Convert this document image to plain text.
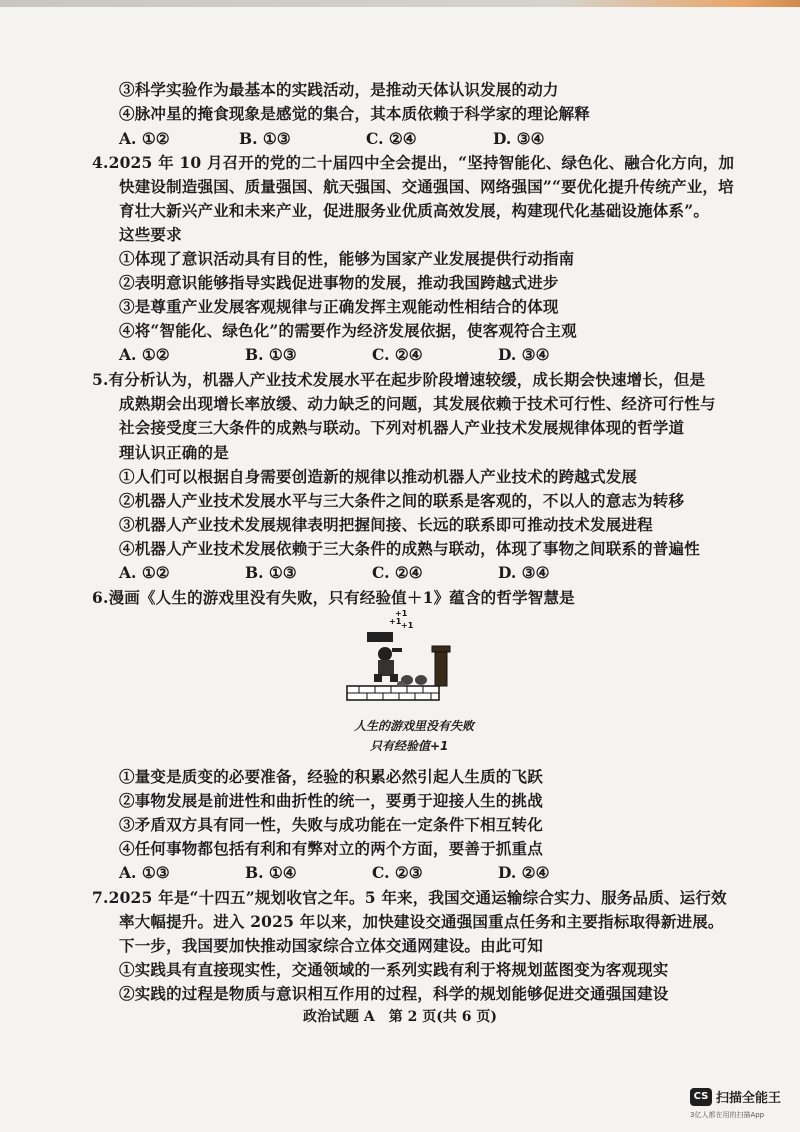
③科学实验作为最基本的实践活动，是推动天体认识发展的动力
④脉冲星的掩食现象是感觉的集合，其本质依赖于科学家的理论解释
A. ①②	B. ①③	C. ②④	D. ③④
4.2025 年 10 月召开的党的二十届四中全会提出，“坚持智能化、绿色化、融合化方向，加
快建设制造强国、质量强国、航天强国、交通强国、网络强国”“要优化提升传统产业，培
育壮大新兴产业和未来产业，促进服务业优质高效发展，构建现代化基础设施体系”。
这些要求
①体现了意识活动具有目的性，能够为国家产业发展提供行动指南
②表明意识能够指导实践促进事物的发展，推动我国跨越式进步
③是尊重产业发展客观规律与正确发挥主观能动性相结合的体现
④将“智能化、绿色化”的需要作为经济发展依据，使客观符合主观
A. ①②	B. ①③	C. ②④	D. ③④
5.有分析认为，机器人产业技术发展水平在起步阶段增速较缓，成长期会快速增长，但是
成熟期会出现增长率放缓、动力缺乏的问题，其发展依赖于技术可行性、经济可行性与
社会接受度三大条件的成熟与联动。下列对机器人产业技术发展规律体现的哲学道
理认识正确的是
①人们可以根据自身需要创造新的规律以推动机器人产业技术的跨越式发展
②机器人产业技术发展水平与三大条件之间的联系是客观的，不以人的意志为转移
③机器人产业技术发展规律表明把握间接、长远的联系即可推动技术发展进程
④机器人产业技术发展依赖于三大条件的成熟与联动，体现了事物之间联系的普遍性
A. ①②	B. ①③	C. ②④	D. ③④
6.漫画《人生的游戏里没有失败，只有经验值＋1》蕴含的哲学智慧是
+1
+1 +1
人生的游戏里没有失败
只有经验值+1
①量变是质变的必要准备，经验的积累必然引起人生质的飞跃
②事物发展是前进性和曲折性的统一，要勇于迎接人生的挑战
③矛盾双方具有同一性，失败与成功能在一定条件下相互转化
④任何事物都包括有利和有弊对立的两个方面，要善于抓重点
A. ①③	B. ①④	C. ②③	D. ②④
7.2025 年是“十四五”规划收官之年。5 年来，我国交通运输综合实力、服务品质、运行效
率大幅提升。进入 2025 年以来，加快建设交通强国重点任务和主要指标取得新进展。
下一步，我国要加快推动国家综合立体交通网建设。由此可知
①实践具有直接现实性，交通领域的一系列实践有利于将规划蓝图变为客观现实
②实践的过程是物质与意识相互作用的过程，科学的规划能够促进交通强国建设
政治试题 A　第 2 页(共 6 页)
CS 扫描全能王
3亿人都在用的扫描App
